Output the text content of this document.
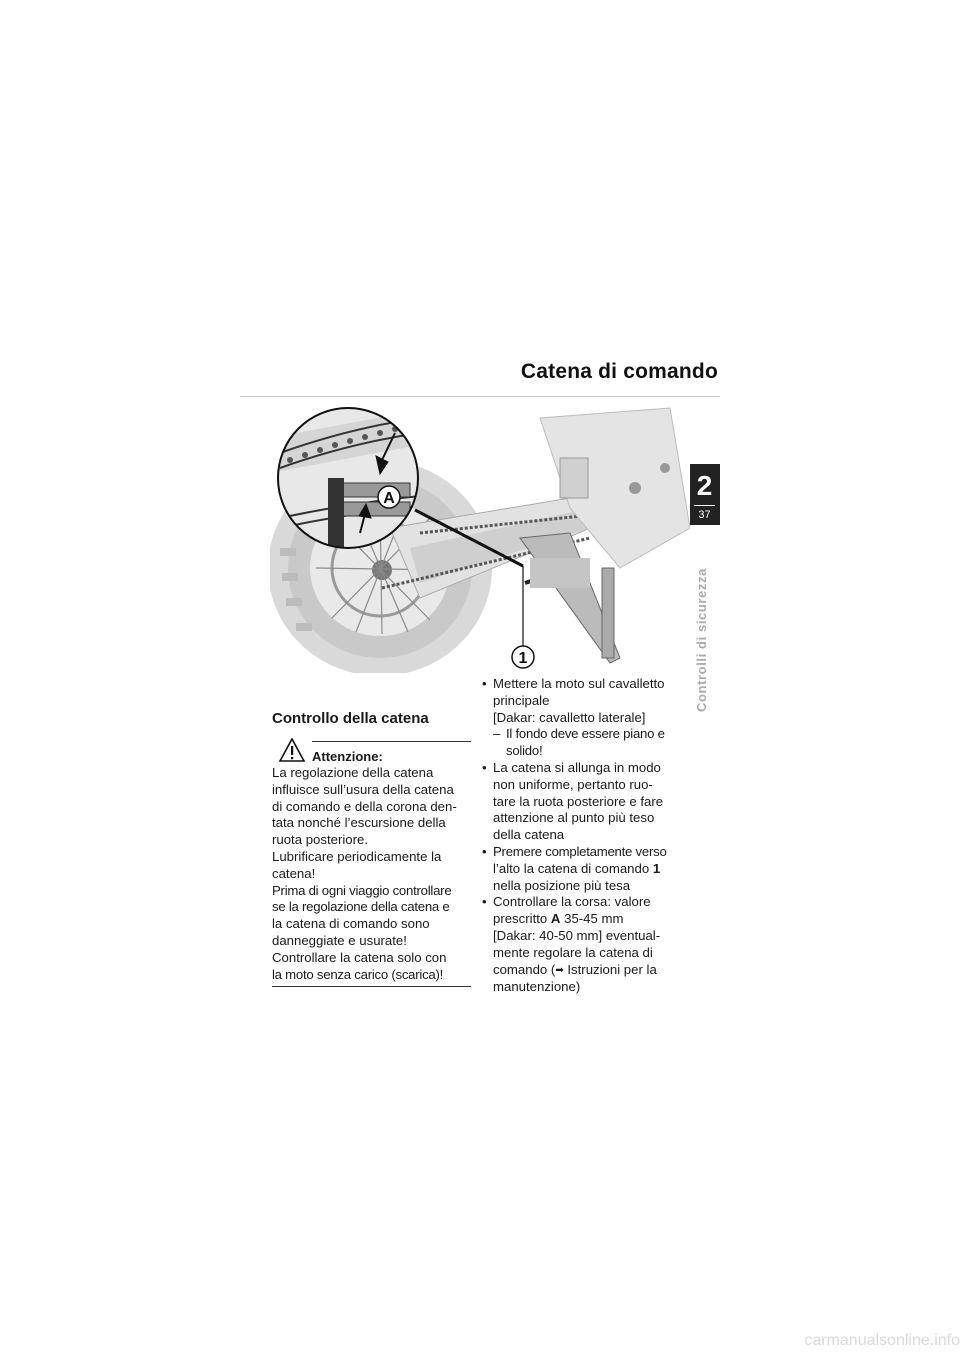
Catena di comando
2
37
Controlli di sicurezza
A
1
Controllo della catena
Attenzione:

La regolazione della catena

influisce sull’usura della catena

di comando e della corona den-

tata nonché l’escursione della

ruota posteriore.

Lubrificare periodicamente la

catena!

Prima di ogni viaggio controllare

se la regolazione della catena e

la catena di comando sono

danneggiate e usurate!

Controllare la catena solo con

la moto senza carico (scarica)!

• Mettere la moto sul cavalletto
principale
[Dakar: cavalletto laterale]
– Il fondo deve essere piano e
solido!
• La catena si allunga in modo
non uniforme, pertanto ruo-
tare la ruota posteriore e fare
attenzione al punto più teso
della catena
• Premere completamente verso
l’alto la catena di comando 1
nella posizione più tesa
• Controllare la corsa: valore
prescritto A 35-45 mm
[Dakar: 40-50 mm] eventual-
mente regolare la catena di
comando (➡ Istruzioni per la
manutenzione)
carmanualsonline.info
